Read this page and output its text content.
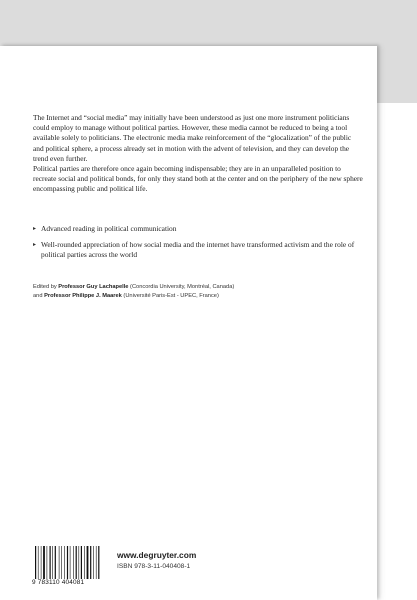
The Internet and “social media” may initially have been understood as just one more instrument politicians could employ to manage without political parties. However, these media cannot be reduced to being a tool available solely to politicians. The electronic media make reinforcement of the “glocalization” of the public and political sphere, a process already set in motion with the advent of television, and they can develop the trend even further.

Political parties are therefore once again becoming indispensable; they are in an unparalleled position to recreate social and political bonds, for only they stand both at the center and on the periphery of the new sphere encompassing public and political life.

▸ Advanced reading in political communication
▸ Well-rounded appreciation of how social media and the internet have transformed activism and the role of political parties across the world
Edited by Professor Guy Lachapelle (Concordia University, Montréal, Canada)
and Professor Philippe J. Maarek (Université Paris-Est - UPEC, France)
9 783110 404081
www.degruyter.com
ISBN 978-3-11-040408-1
